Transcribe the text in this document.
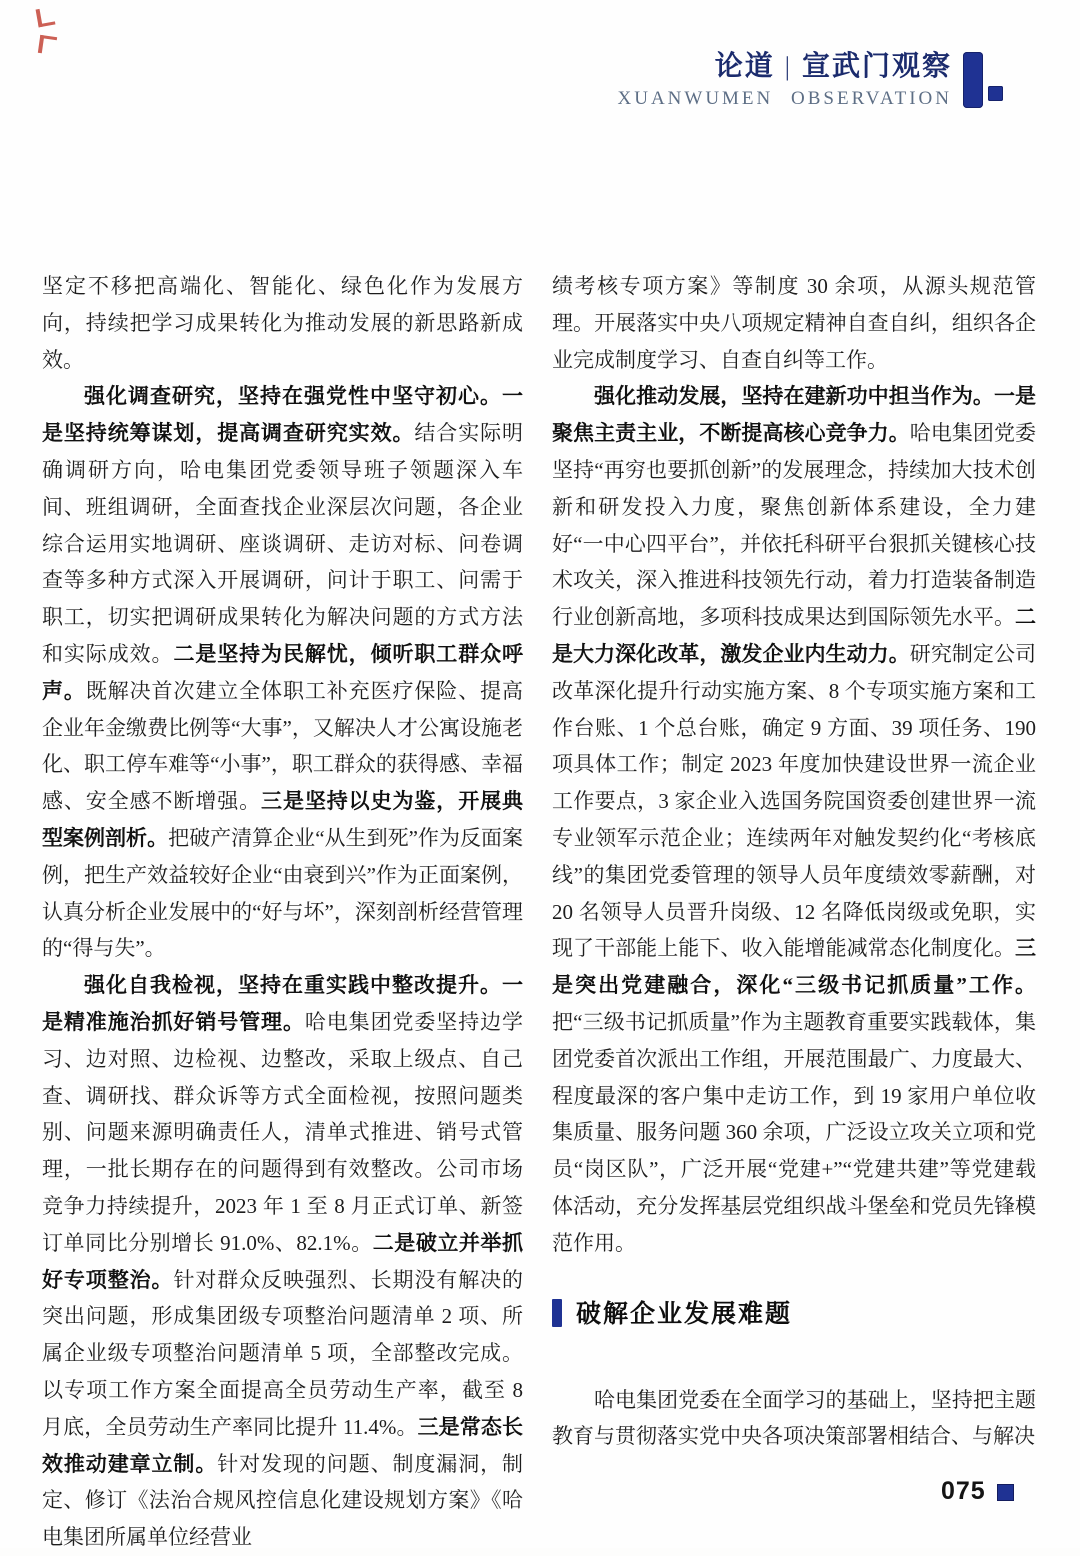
论道 | 宣武门观察
XUANWUMEN OBSERVATION

坚定不移把高端化、智能化、绿色化作为发展方向，持续把学习成果转化为推动发展的新思路新成效。

强化调查研究，坚持在强党性中坚守初心。一是坚持统筹谋划，提高调查研究实效。结合实际明确调研方向，哈电集团党委领导班子领题深入车间、班组调研，全面查找企业深层次问题，各企业综合运用实地调研、座谈调研、走访对标、问卷调查等多种方式深入开展调研，问计于职工、问需于职工，切实把调研成果转化为解决问题的方式方法和实际成效。二是坚持为民解忧，倾听职工群众呼声。既解决首次建立全体职工补充医疗保险、提高企业年金缴费比例等“大事”，又解决人才公寓设施老化、职工停车难等“小事”，职工群众的获得感、幸福感、安全感不断增强。三是坚持以史为鉴，开展典型案例剖析。把破产清算企业“从生到死”作为反面案例，把生产效益较好企业“由衰到兴”作为正面案例，认真分析企业发展中的“好与坏”，深刻剖析经营管理的“得与失”。

强化自我检视，坚持在重实践中整改提升。一是精准施治抓好销号管理。哈电集团党委坚持边学习、边对照、边检视、边整改，采取上级点、自己查、调研找、群众诉等方式全面检视，按照问题类别、问题来源明确责任人，清单式推进、销号式管理，一批长期存在的问题得到有效整改。公司市场竞争力持续提升，2023 年 1 至 8 月正式订单、新签订单同比分别增长 91.0%、82.1%。二是破立并举抓好专项整治。针对群众反映强烈、长期没有解决的突出问题，形成集团级专项整治问题清单 2 项、所属企业级专项整治问题清单 5 项，全部整改完成。以专项工作方案全面提高全员劳动生产率，截至 8 月底，全员劳动生产率同比提升 11.4%。三是常态长效推动建章立制。针对发现的问题、制度漏洞，制定、修订《法治合规风控信息化建设规划方案》《哈电集团所属单位经营业

绩考核专项方案》等制度 30 余项，从源头规范管理。开展落实中央八项规定精神自查自纠，组织各企业完成制度学习、自查自纠等工作。

强化推动发展，坚持在建新功中担当作为。一是聚焦主责主业，不断提高核心竞争力。哈电集团党委坚持“再穷也要抓创新”的发展理念，持续加大技术创新和研发投入力度，聚焦创新体系建设，全力建好“一中心四平台”，并依托科研平台狠抓关键核心技术攻关，深入推进科技领先行动，着力打造装备制造行业创新高地，多项科技成果达到国际领先水平。二是大力深化改革，激发企业内生动力。研究制定公司改革深化提升行动实施方案、8 个专项实施方案和工作台账、1 个总台账，确定 9 方面、39 项任务、190 项具体工作；制定 2023 年度加快建设世界一流企业工作要点，3 家企业入选国务院国资委创建世界一流专业领军示范企业；连续两年对触发契约化“考核底线”的集团党委管理的领导人员年度绩效零薪酬，对 20 名领导人员晋升岗级、12 名降低岗级或免职，实现了干部能上能下、收入能增能减常态化制度化。三是突出党建融合，深化“三级书记抓质量”工作。把“三级书记抓质量”作为主题教育重要实践载体，集团党委首次派出工作组，开展范围最广、力度最大、程度最深的客户集中走访工作，到 19 家用户单位收集质量、服务问题 360 余项，广泛设立攻关立项和党员“岗区队”，广泛开展“党建+”“党建共建”等党建载体活动，充分发挥基层党组织战斗堡垒和党员先锋模范作用。

破解企业发展难题

哈电集团党委在全面学习的基础上，坚持把主题教育与贯彻落实党中央各项决策部署相结合、与解决

075
